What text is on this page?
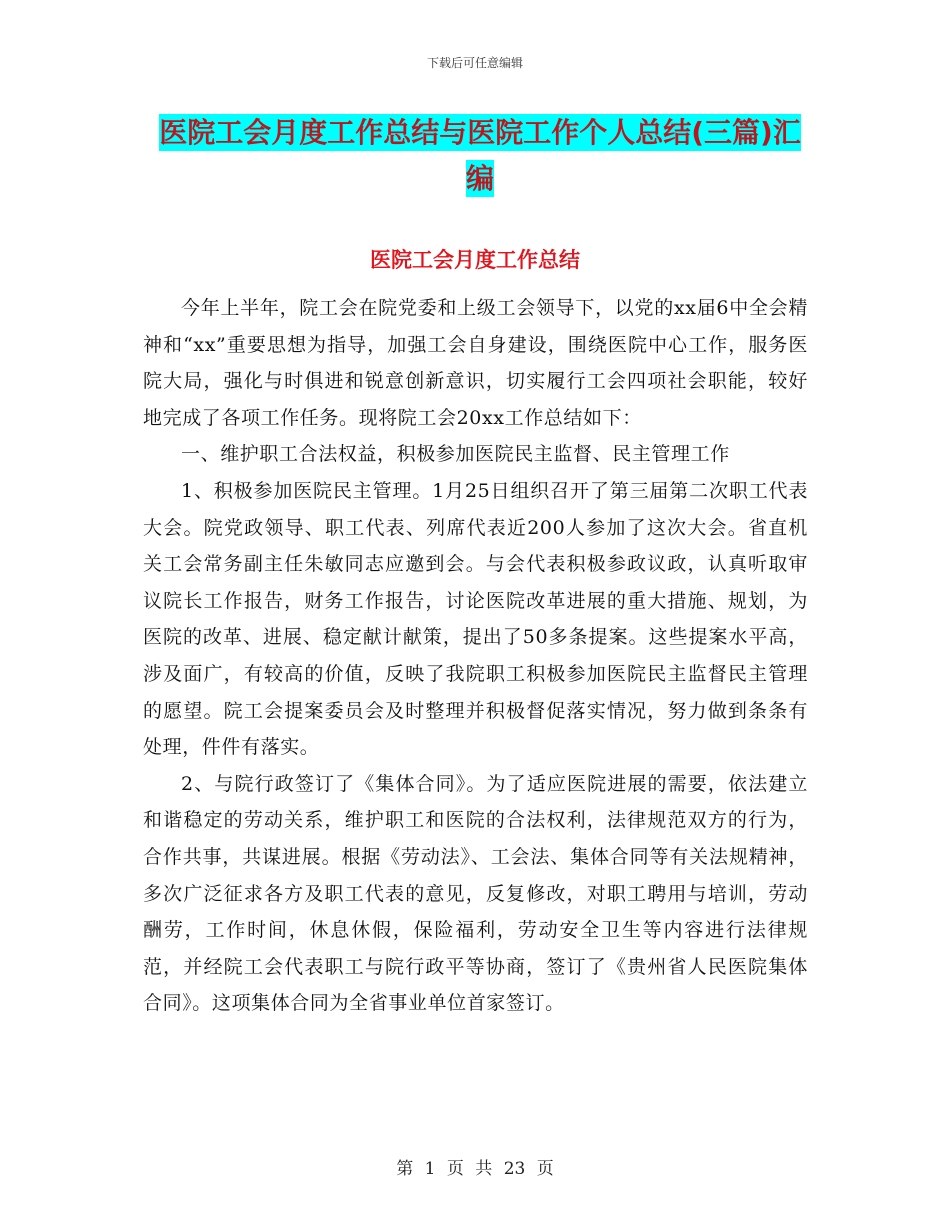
下载后可任意编辑
医院工会月度工作总结与医院工作个人总结(三篇)汇编
医院工会月度工作总结

今年上半年，院工会在院党委和上级工会领导下，以党的xx届6中全会精神和“xx”重要思想为指导，加强工会自身建设，围绕医院中心工作，服务医院大局，强化与时俱进和锐意创新意识，切实履行工会四项社会职能，较好地完成了各项工作任务。现将院工会20xx工作总结如下：

一、维护职工合法权益，积极参加医院民主监督、民主管理工作

1、积极参加医院民主管理。1月25日组织召开了第三届第二次职工代表大会。院党政领导、职工代表、列席代表近200人参加了这次大会。省直机关工会常务副主任朱敏同志应邀到会。与会代表积极参政议政，认真听取审议院长工作报告，财务工作报告，讨论医院改革进展的重大措施、规划，为医院的改革、进展、稳定献计献策，提出了50多条提案。这些提案水平高，涉及面广，有较高的价值，反映了我院职工积极参加医院民主监督民主管理的愿望。院工会提案委员会及时整理并积极督促落实情况，努力做到条条有处理，件件有落实。

2、与院行政签订了《集体合同》。为了适应医院进展的需要，依法建立和谐稳定的劳动关系，维护职工和医院的合法权利，法律规范双方的行为，合作共事，共谋进展。根据《劳动法》、工会法、集体合同等有关法规精神，多次广泛征求各方及职工代表的意见，反复修改，对职工聘用与培训，劳动酬劳，工作时间，休息休假，保险福利，劳动安全卫生等内容进行法律规范，并经院工会代表职工与院行政平等协商，签订了《贵州省人民医院集体合同》。这项集体合同为全省事业单位首家签订。

第 1 页 共 23 页
